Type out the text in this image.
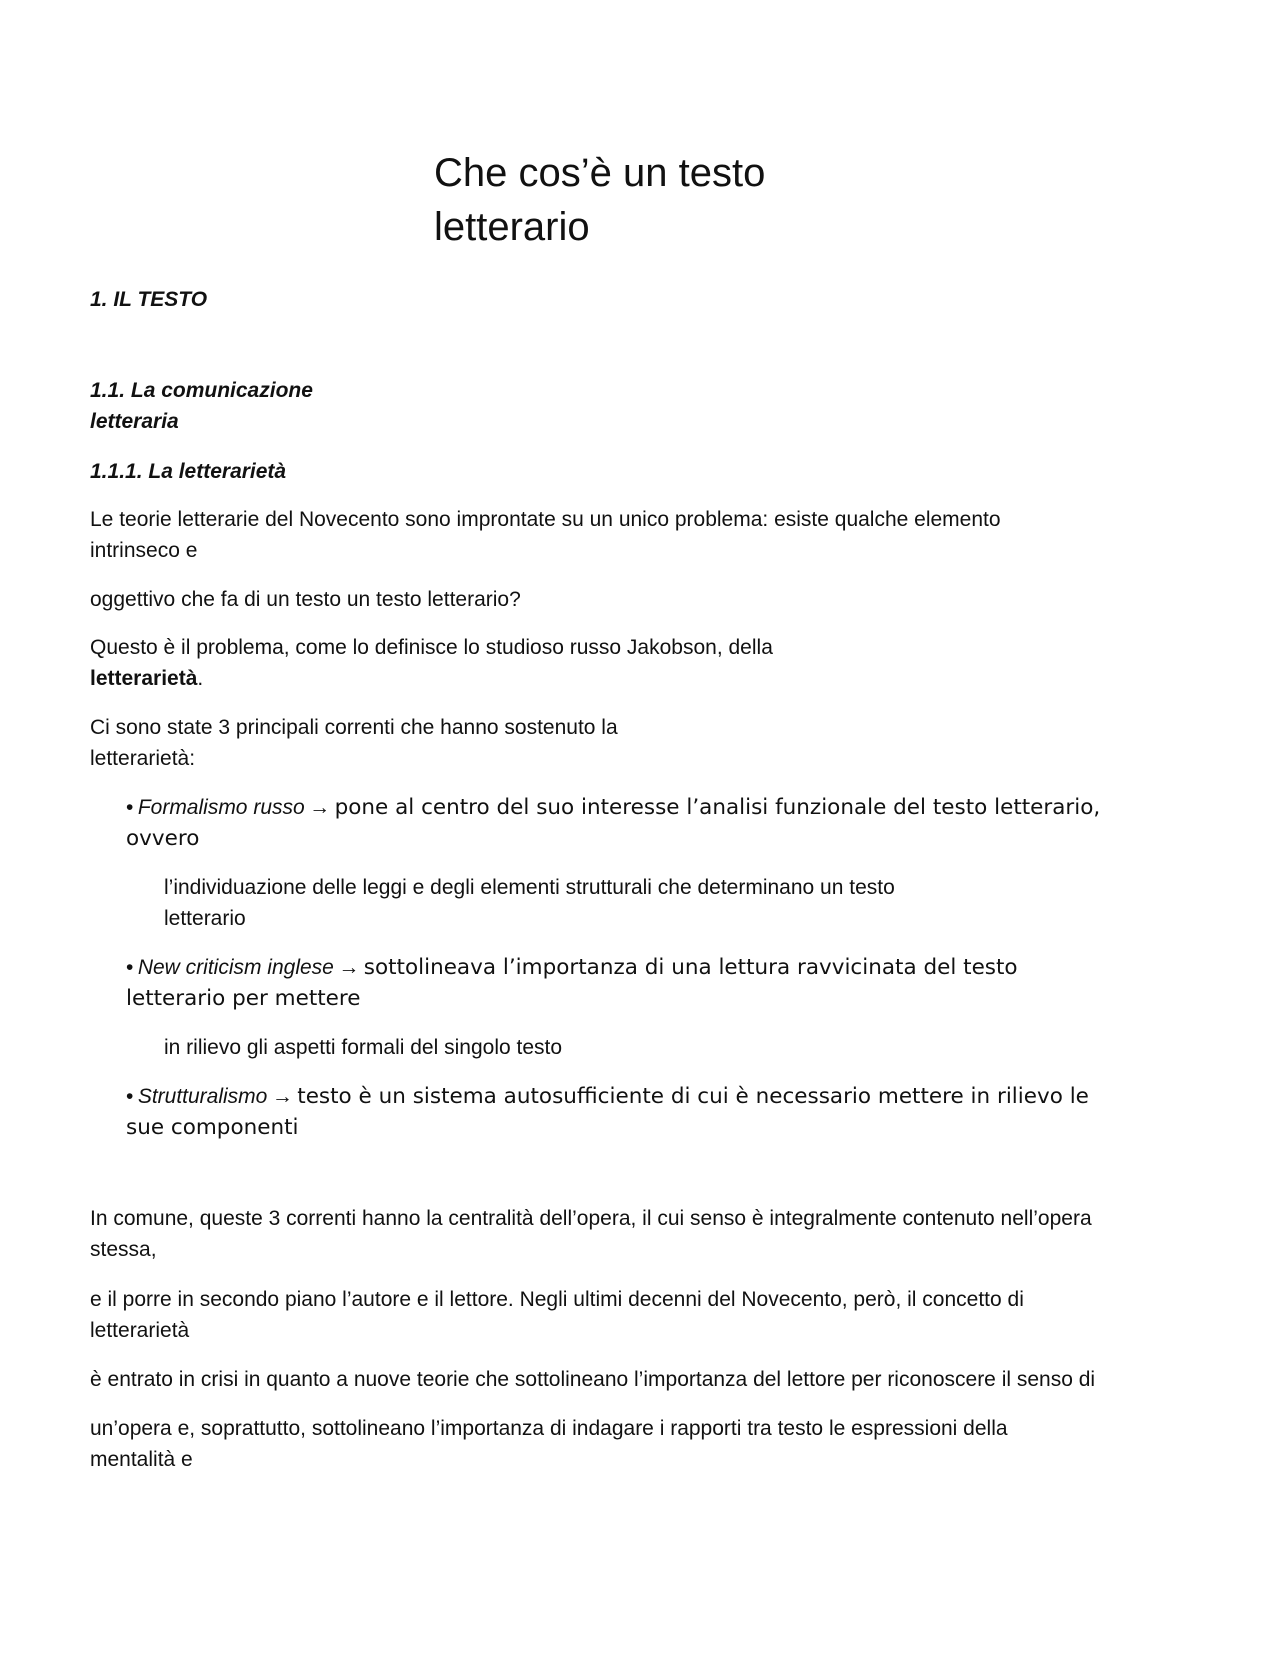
Che cos’è un testo
letterario
1. IL TESTO
1.1. La comunicazione
letteraria
1.1.1. La letterarietà

Le teorie letterarie del Novecento sono improntate su un unico problema: esiste qualche elemento
intrinseco e

oggettivo che fa di un testo un testo letterario?

Questo è il problema, come lo definisce lo studioso russo Jakobson, della
letterarietà.

Ci sono state 3 principali correnti che hanno sostenuto la
letterarietà:

• Formalismo russo → pone al centro del suo interesse l’analisi funzionale del testo letterario,
ovvero

l’individuazione delle leggi e degli elementi strutturali che determinano un testo
letterario

• New criticism inglese → sottolineava l’importanza di una lettura ravvicinata del testo
letterario per mettere

in rilievo gli aspetti formali del singolo testo

• Strutturalismo → testo è un sistema autosufficiente di cui è necessario mettere in rilievo le
sue componenti

In comune, queste 3 correnti hanno la centralità dell’opera, il cui senso è integralmente contenuto nell’opera
stessa,

e il porre in secondo piano l’autore e il lettore. Negli ultimi decenni del Novecento, però, il concetto di
letterarietà

è entrato in crisi in quanto a nuove teorie che sottolineano l’importanza del lettore per riconoscere il senso di

un’opera e, soprattutto, sottolineano l’importanza di indagare i rapporti tra testo le espressioni della
mentalità e
